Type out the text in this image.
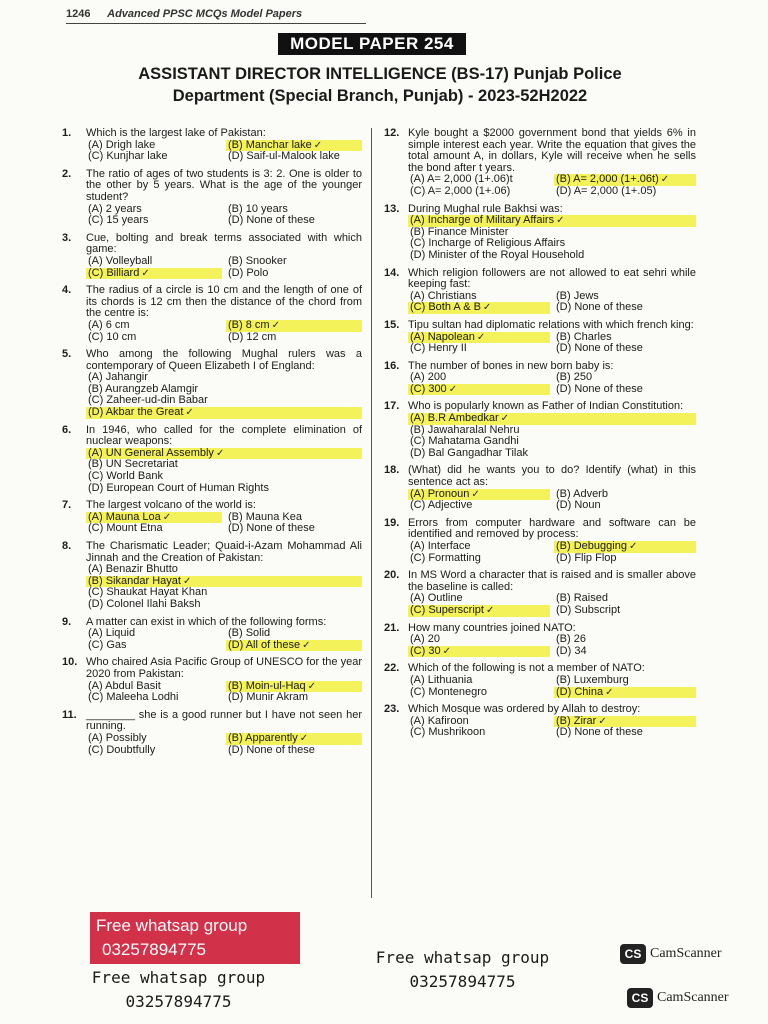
1246 Advanced PPSC MCQs Model Papers
MODEL PAPER 254
ASSISTANT DIRECTOR INTELLIGENCE (BS-17) Punjab Police
Department (Special Branch, Punjab) - 2023-52H2022
1. Which is the largest lake of Pakistan:
(A) Drigh lake	(B) Manchar lake ✓
(C) Kunjhar lake	(D) Saif-ul-Malook lake
2. The ratio of ages of two students is 3: 2. One is older to the other by 5 years. What is the age of the younger student?
(A) 2 years	(B) 10 years
(C) 15 years	(D) None of these
3. Cue, bolting and break terms associated with which game:
(A) Volleyball	(B) Snooker
(C) Billiard ✓	(D) Polo
4. The radius of a circle is 10 cm and the length of one of its chords is 12 cm then the distance of the chord from the centre is:
(A) 6 cm	(B) 8 cm ✓
(C) 10 cm	(D) 12 cm
5. Who among the following Mughal rulers was a contemporary of Queen Elizabeth I of England:
(A) Jahangir
(B) Aurangzeb Alamgir
(C) Zaheer-ud-din Babar
(D) Akbar the Great ✓
6. In 1946, who called for the complete elimination of nuclear weapons:
(A) UN General Assembly ✓
(B) UN Secretariat
(C) World Bank
(D) European Court of Human Rights
7. The largest volcano of the world is:
(A) Mauna Loa ✓	(B) Mauna Kea
(C) Mount Etna	(D) None of these
8. The Charismatic Leader; Quaid-i-Azam Mohammad Ali Jinnah and the Creation of Pakistan:
(A) Benazir Bhutto
(B) Sikandar Hayat ✓
(C) Shaukat Hayat Khan
(D) Colonel Ilahi Baksh
9. A matter can exist in which of the following forms:
(A) Liquid	(B) Solid
(C) Gas	(D) All of these ✓
10. Who chaired Asia Pacific Group of UNESCO for the year 2020 from Pakistan:
(A) Abdul Basit	(B) Moin-ul-Haq ✓
(C) Maleeha Lodhi	(D) Munir Akram
11. ________ she is a good runner but I have not seen her running.
(A) Possibly	(B) Apparently ✓
(C) Doubtfully	(D) None of these
12. Kyle bought a $2000 government bond that yields 6% in simple interest each year. Write the equation that gives the total amount A, in dollars, Kyle will receive when he sells the bond after t years.
(A) A= 2,000 (1+.06)t	(B) A= 2,000 (1+.06t) ✓
(C) A= 2,000 (1+.06)	(D) A= 2,000 (1+.05)
13. During Mughal rule Bakhsi was:
(A) Incharge of Military Affairs ✓
(B) Finance Minister
(C) Incharge of Religious Affairs
(D) Minister of the Royal Household
14. Which religion followers are not allowed to eat sehri while keeping fast:
(A) Christians	(B) Jews
(C) Both A & B ✓	(D) None of these
15. Tipu sultan had diplomatic relations with which french king:
(A) Napolean ✓	(B) Charles
(C) Henry II	(D) None of these
16. The number of bones in new born baby is:
(A) 200	(B) 250
(C) 300 ✓	(D) None of these
17. Who is popularly known as Father of Indian Constitution:
(A) B.R Ambedkar ✓
(B) Jawaharalal Nehru
(C) Mahatama Gandhi
(D) Bal Gangadhar Tilak
18. (What) did he wants you to do? Identify (what) in this sentence act as:
(A) Pronoun ✓	(B) Adverb
(C) Adjective	(D) Noun
19. Errors from computer hardware and software can be identified and removed by process:
(A) Interface	(B) Debugging ✓
(C) Formatting	(D) Flip Flop
20. In MS Word a character that is raised and is smaller above the baseline is called:
(A) Outline	(B) Raised
(C) Superscript ✓	(D) Subscript
21. How many countries joined NATO:
(A) 20	(B) 26
(C) 30 ✓	(D) 34
22. Which of the following is not a member of NATO:
(A) Lithuania	(B) Luxemburg
(C) Montenegro	(D) China ✓
23. Which Mosque was ordered by Allah to destroy:
(A) Kafiroon	(B) Zirar ✓
(C) Mushrikoon	(D) None of these
Free whatsap group
03257894775
Free whatsap group
03257894775
Free whatsap group
03257894775
CS CamScanner
CS CamScanner
